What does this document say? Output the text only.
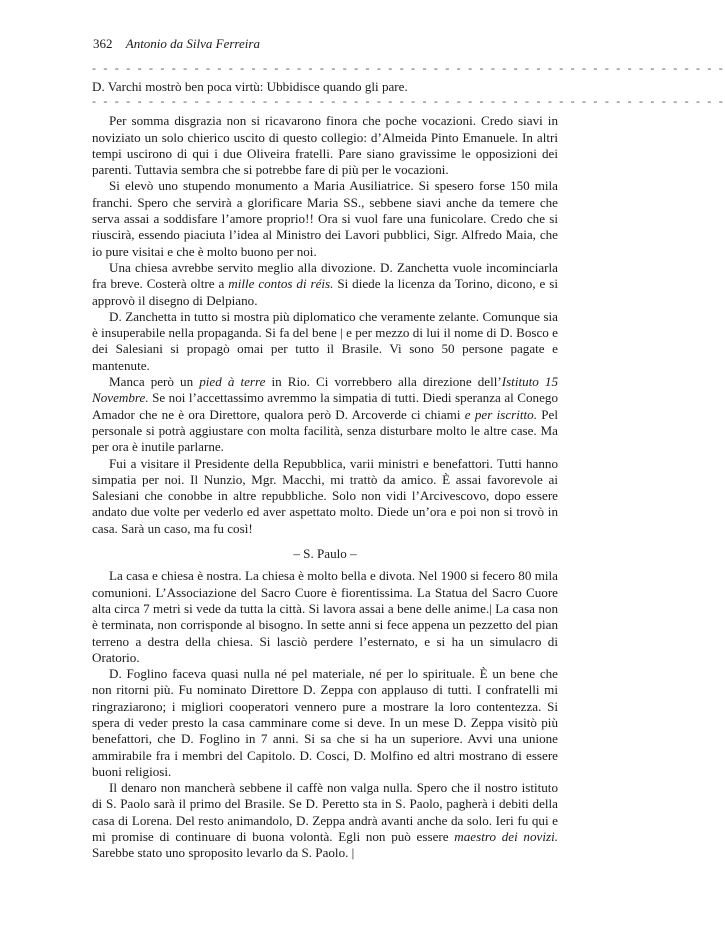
362 Antonio da Silva Ferreira
- - - - - - - - - - - - - - - - - - - - - - - - - - - - - - - - - - - - - - - - - - - - - - - - - - - - - - - -

D. Varchi mostrò ben poca virtù: Ubbidisce quando gli pare.

- - - - - - - - - - - - - - - - - - - - - - - - - - - - - - - - - - - - - - - - - - - - - - - - - - - - - - - -

Per somma disgrazia non si ricavarono finora che poche vocazioni. Credo siavi in noviziato un solo chierico uscito di questo collegio: d’Almeida Pinto Emanuele. In altri tempi uscirono di qui i due Oliveira fratelli. Pare siano gravissime le opposizioni dei parenti. Tuttavia sembra che si potrebbe fare di più per le vocazioni.

Si elevò uno stupendo monumento a Maria Ausiliatrice. Si spesero forse 150 mila franchi. Spero che servirà a glorificare Maria SS., sebbene siavi anche da temere che serva assai a soddisfare l’amore proprio!! Ora si vuol fare una funicolare. Credo che si riuscirà, essendo piaciuta l’idea al Ministro dei Lavori pubblici, Sigr. Alfredo Maia, che io pure visitai e che è molto buono per noi.

Una chiesa avrebbe servito meglio alla divozione. D. Zanchetta vuole incominciarla fra breve. Costerà oltre a mille contos di réis. Si diede la licenza da Torino, dicono, e si approvò il disegno di Delpiano.

D. Zanchetta in tutto si mostra più diplomatico che veramente zelante. Comunque sia è insuperabile nella propaganda. Si fa del bene | e per mezzo di lui il nome di D. Bosco e dei Salesiani si propagò omai per tutto il Brasile. Vi sono 50 persone pagate e mantenute.

Manca però un pied à terre in Rio. Ci vorrebbero alla direzione dell’Istituto 15 Novembre. Se noi l’accettassimo avremmo la simpatia di tutti. Diedi speranza al Conego Amador che ne è ora Direttore, qualora però D. Arcoverde ci chiami e per iscritto. Pel personale si potrà aggiustare con molta facilità, senza disturbare molto le altre case. Ma per ora è inutile parlarne.

Fui a visitare il Presidente della Repubblica, varii ministri e benefattori. Tutti hanno simpatia per noi. Il Nunzio, Mgr. Macchi, mi trattò da amico. È assai favorevole ai Salesiani che conobbe in altre repubbliche. Solo non vidi l’Arcivescovo, dopo essere andato due volte per vederlo ed aver aspettato molto. Diede un’ora e poi non si trovò in casa. Sarà un caso, ma fu così!

– S. Paulo –

La casa e chiesa è nostra. La chiesa è molto bella e divota. Nel 1900 si fecero 80 mila comunioni. L’Associazione del Sacro Cuore è fiorentissima. La Statua del Sacro Cuore alta circa 7 metri si vede da tutta la città. Si lavora assai a bene delle anime.| La casa non è terminata, non corrisponde al bisogno. In sette anni si fece appena un pezzetto del pian terreno a destra della chiesa. Si lasciò perdere l’esternato, e si ha un simulacro di Oratorio.

D. Foglino faceva quasi nulla né pel materiale, né per lo spirituale. È un bene che non ritorni più. Fu nominato Direttore D. Zeppa con applauso di tutti. I confratelli mi ringraziarono; i migliori cooperatori vennero pure a mostrare la loro contentezza. Si spera di veder presto la casa camminare come si deve. In un mese D. Zeppa visitò più benefattori, che D. Foglino in 7 anni. Si sa che si ha un superiore. Avvi una unione ammirabile fra i membri del Capitolo. D. Cosci, D. Molfino ed altri mostrano di essere buoni religiosi.

Il denaro non mancherà sebbene il caffè non valga nulla. Spero che il nostro istituto di S. Paolo sarà il primo del Brasile. Se D. Peretto sta in S. Paolo, pagherà i debiti della casa di Lorena. Del resto animandolo, D. Zeppa andrà avanti anche da solo. Ieri fu qui e mi promise di continuare di buona volontà. Egli non può essere maestro dei novizi. Sarebbe stato uno sproposito levarlo da S. Paolo. |
